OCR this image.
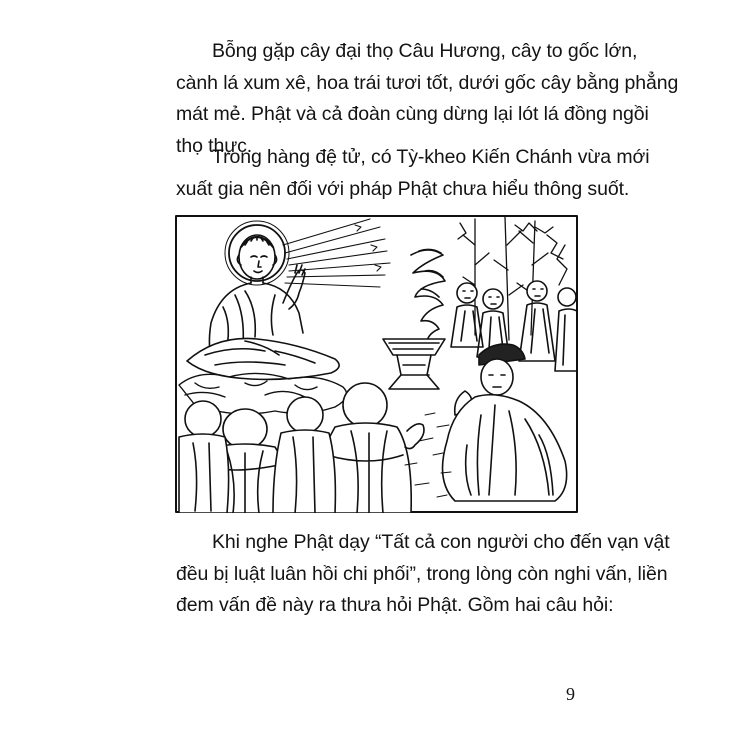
Bỗng gặp cây đại thọ Câu Hương, cây to gốc lớn,
cành lá xum xê, hoa trái tươi tốt, dưới gốc cây bằng phẳng
mát mẻ. Phật và cả đoàn cùng dừng lại lót lá đồng ngồi
thọ thực.

Trong hàng đệ tử, có Tỳ-kheo Kiến Chánh vừa mới
xuất gia nên đối với pháp Phật chưa hiểu thông suốt.

Khi nghe Phật dạy “Tất cả con người cho đến vạn vật
đều bị luật luân hồi chi phối”, trong lòng còn nghi vấn, liền
đem vấn đề này ra thưa hỏi Phật. Gồm hai câu hỏi:

9
